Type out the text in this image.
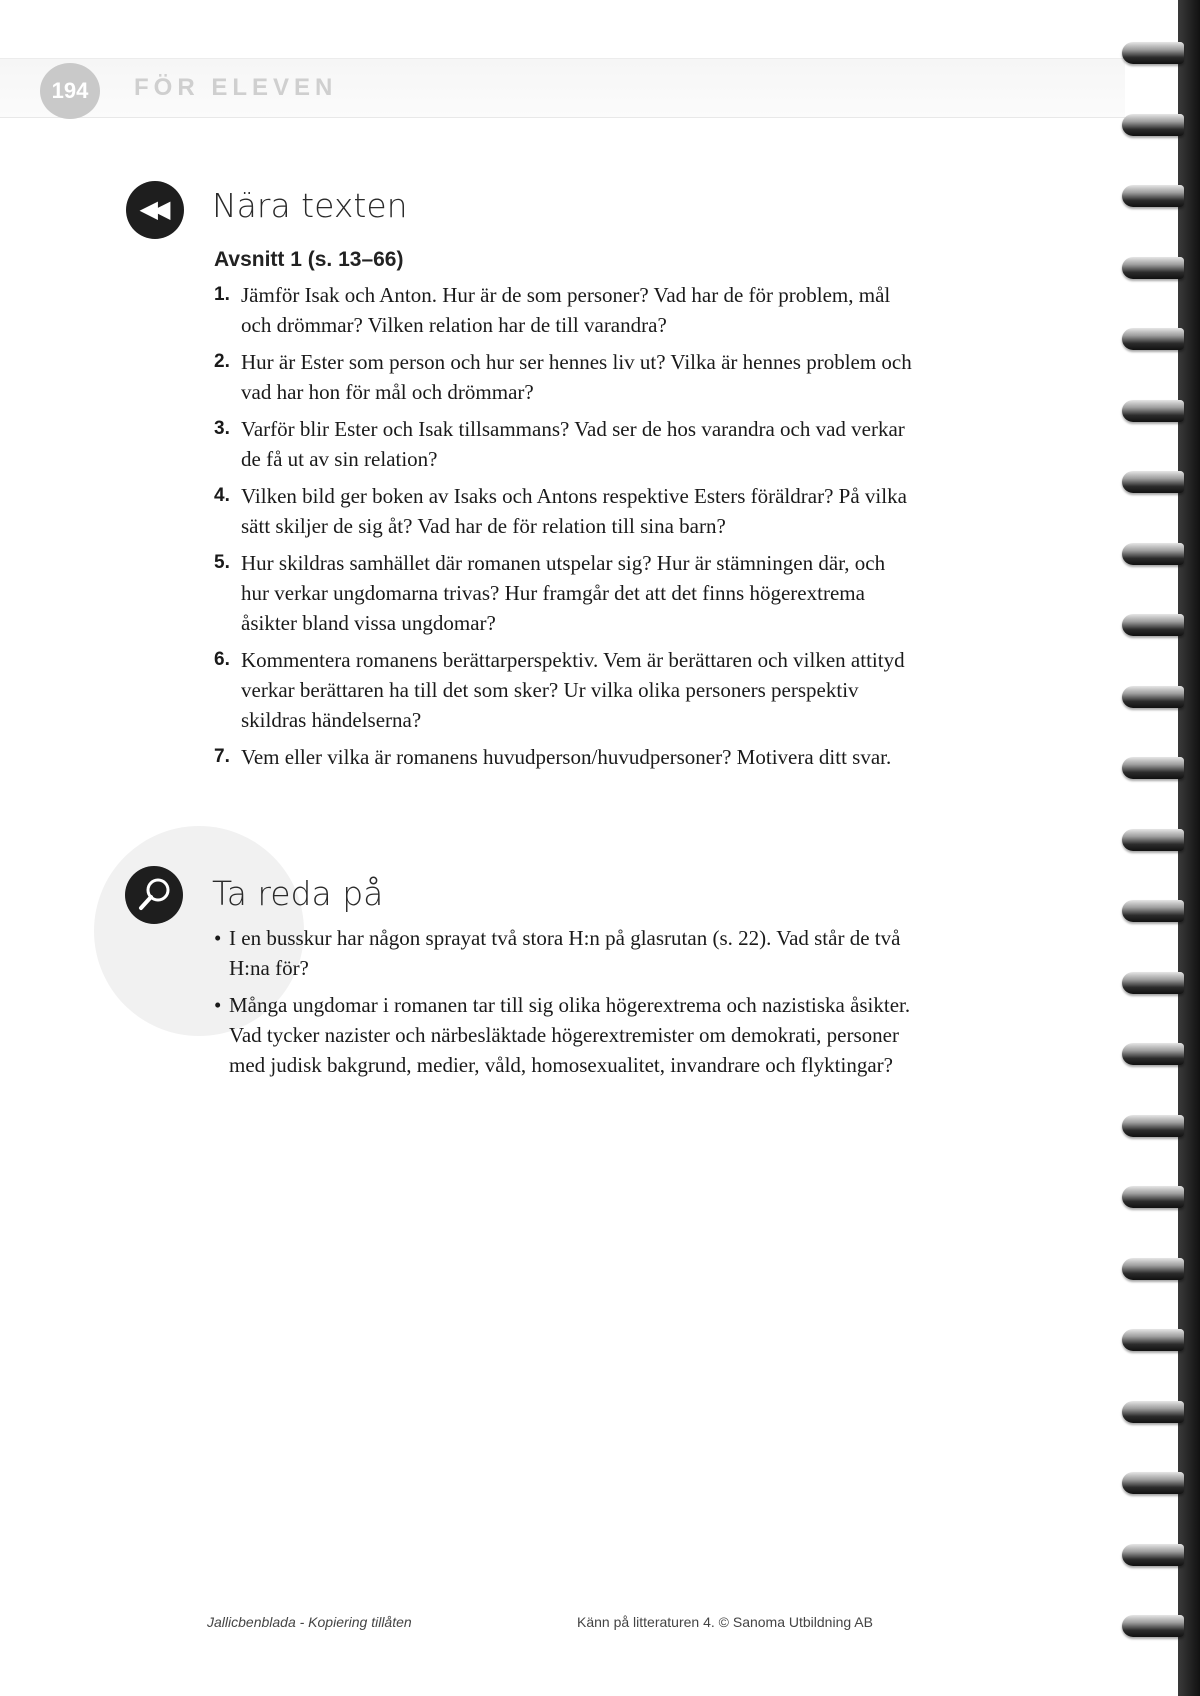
194	FÖR ELEVEN
◀◀	Nära texten
Avsnitt 1 (s. 13–66)
1. Jämför Isak och Anton. Hur är de som personer? Vad har de för problem, mål och drömmar? Vilken relation har de till varandra?
2. Hur är Ester som person och hur ser hennes liv ut? Vilka är hennes problem och vad har hon för mål och drömmar?
3. Varför blir Ester och Isak tillsammans? Vad ser de hos varandra och vad verkar de få ut av sin relation?
4. Vilken bild ger boken av Isaks och Antons respektive Esters föräldrar? På vilka sätt skiljer de sig åt? Vad har de för relation till sina barn?
5. Hur skildras samhället där romanen utspelar sig? Hur är stämningen där, och hur verkar ungdomarna trivas? Hur framgår det att det finns högerextrema åsikter bland vissa ungdomar?
6. Kommentera romanens berättarperspektiv. Vem är berättaren och vilken attityd verkar berättaren ha till det som sker? Ur vilka olika personers perspektiv skildras händelserna?
7. Vem eller vilka är romanens huvudperson/huvudpersoner? Motivera ditt svar.
Ta reda på
• I en busskur har någon sprayat två stora H:n på glasrutan (s. 22). Vad står de två H:na för?
• Många ungdomar i romanen tar till sig olika högerextrema och nazistiska åsikter. Vad tycker nazister och närbesläktade högerextremister om demokrati, personer med judisk bakgrund, medier, våld, homosexualitet, invandrare och flyktingar?
Jallicbenblada - Kopiering tillåten	Känn på litteraturen 4. © Sanoma Utbildning AB
